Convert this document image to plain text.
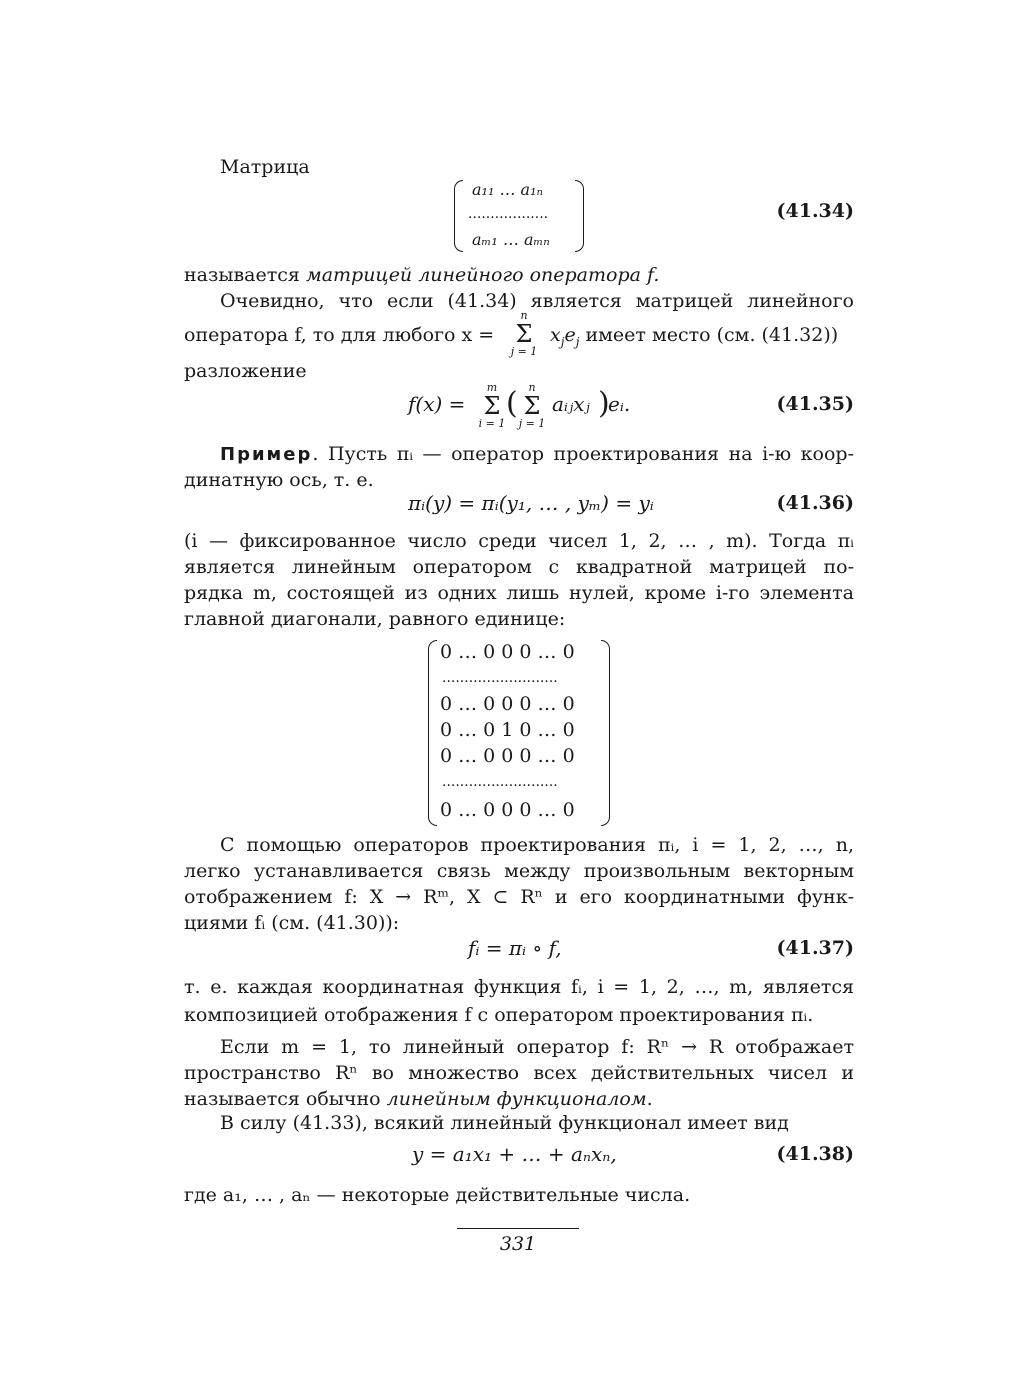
Матрица
a₁₁ … a₁ₙ
..................
aₘ₁ … aₘₙ
(41.34)
называется матрицей линейного оператора f.
Очевидно, что если (41.34) является матрицей линейного
оператора f, то для любого x =
n
Σ
j = 1
$x_je_j$ имеет место (см. (41.32))
разложение
f(x) =
m
Σ
i = 1
( n
Σ
j = 1
aᵢⱼxⱼ )
eᵢ.	(41.35)
Пример. Пусть πᵢ — оператор проектирования на i-ю коор-
динатную ось, т. е.
πᵢ(y) = πᵢ(y₁, … , yₘ) = yᵢ	(41.36)
(i — фиксированное число среди чисел 1, 2, … , m). Тогда πᵢ
является линейным оператором с квадратной матрицей по-
рядка m, состоящей из одних лишь нулей, кроме i-го элемента
главной диагонали, равного единице:
0 … 0 0 0 … 0
..........................
0 … 0 0 0 … 0
0 … 0 1 0 … 0
0 … 0 0 0 … 0
..........................
0 … 0 0 0 … 0
С помощью операторов проектирования πᵢ, i = 1, 2, …, n,
легко устанавливается связь между произвольным векторным
отображением f: X → Rᵐ, X ⊂ Rⁿ и его координатными функ-
циями fᵢ (см. (41.30)):
fᵢ = πᵢ ∘ f,	(41.37)
т. е. каждая координатная функция fᵢ, i = 1, 2, …, m, является
композицией отображения f с оператором проектирования πᵢ.
Если m = 1, то линейный оператор f: Rⁿ → R отображает
пространство Rⁿ во множество всех действительных чисел и
называется обычно линейным функционалом.
В силу (41.33), всякий линейный функционал имеет вид
y = a₁x₁ + … + aₙxₙ,	(41.38)
где a₁, … , aₙ — некоторые действительные числа.
331
